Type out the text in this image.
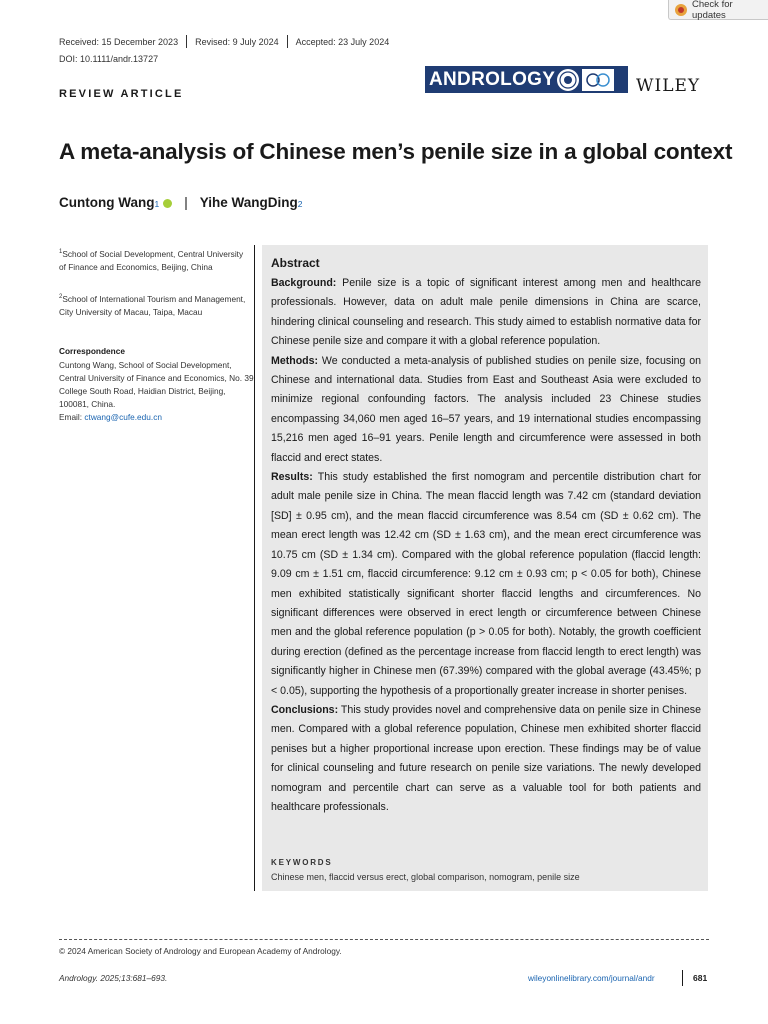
Check for updates
Received: 15 December 2023 Revised: 9 July 2024 Accepted: 23 July 2024
DOI: 10.1111/andr.13727
REVIEW ARTICLE
ANDROLOGY	WILEY
A meta-analysis of Chinese men’s penile size in a global context
Cuntong Wang 1 | Yihe WangDing 2
$^1$School of Social Development, Central University of Finance and Economics, Beijing, China
$^2$School of International Tourism and Management, City University of Macau, Taipa, Macau
Correspondence
Cuntong Wang, School of Social Development, Central University of Finance and Economics, No. 39 College South Road, Haidian District, Beijing, 100081, China.
Email: ctwang@cufe.edu.cn
Abstract

Background: Penile size is a topic of significant interest among men and healthcare professionals. However, data on adult male penile dimensions in China are scarce, hindering clinical counseling and research. This study aimed to establish normative data for Chinese penile size and compare it with a global reference population.

Methods: We conducted a meta-analysis of published studies on penile size, focusing on Chinese and international data. Studies from East and Southeast Asia were excluded to minimize regional confounding factors. The analysis included 23 Chinese studies encompassing 34,060 men aged 16–57 years, and 19 international studies encompassing 15,216 men aged 16–91 years. Penile length and circumference were assessed in both flaccid and erect states.

Results: This study established the first nomogram and percentile distribution chart for adult male penile size in China. The mean flaccid length was 7.42 cm (standard deviation [SD] ± 0.95 cm), and the mean flaccid circumference was 8.54 cm (SD ± 0.62 cm). The mean erect length was 12.42 cm (SD ± 1.63 cm), and the mean erect circumference was 10.75 cm (SD ± 1.34 cm). Compared with the global reference population (flaccid length: 9.09 cm ± 1.51 cm, flaccid circumference: 9.12 cm ± 0.93 cm; p < 0.05 for both), Chinese men exhibited statistically significant shorter flaccid lengths and circumferences. No significant differences were observed in erect length or circumference between Chinese men and the global reference population (p > 0.05 for both). Notably, the growth coefficient during erection (defined as the percentage increase from flaccid length to erect length) was significantly higher in Chinese men (67.39%) compared with the global average (43.45%; p < 0.05), supporting the hypothesis of a proportionally greater increase in shorter penises.

Conclusions: This study provides novel and comprehensive data on penile size in Chinese men. Compared with a global reference population, Chinese men exhibited shorter flaccid penises but a higher proportional increase upon erection. These findings may be of value for clinical counseling and future research on penile size variations. The newly developed nomogram and percentile chart can serve as a valuable tool for both patients and healthcare professionals.

KEYWORDS
Chinese men, flaccid versus erect, global comparison, nomogram, penile size
© 2024 American Society of Andrology and European Academy of Andrology.
Andrology. 2025;13:681–693.	wileyonlinelibrary.com/journal/andr	681
